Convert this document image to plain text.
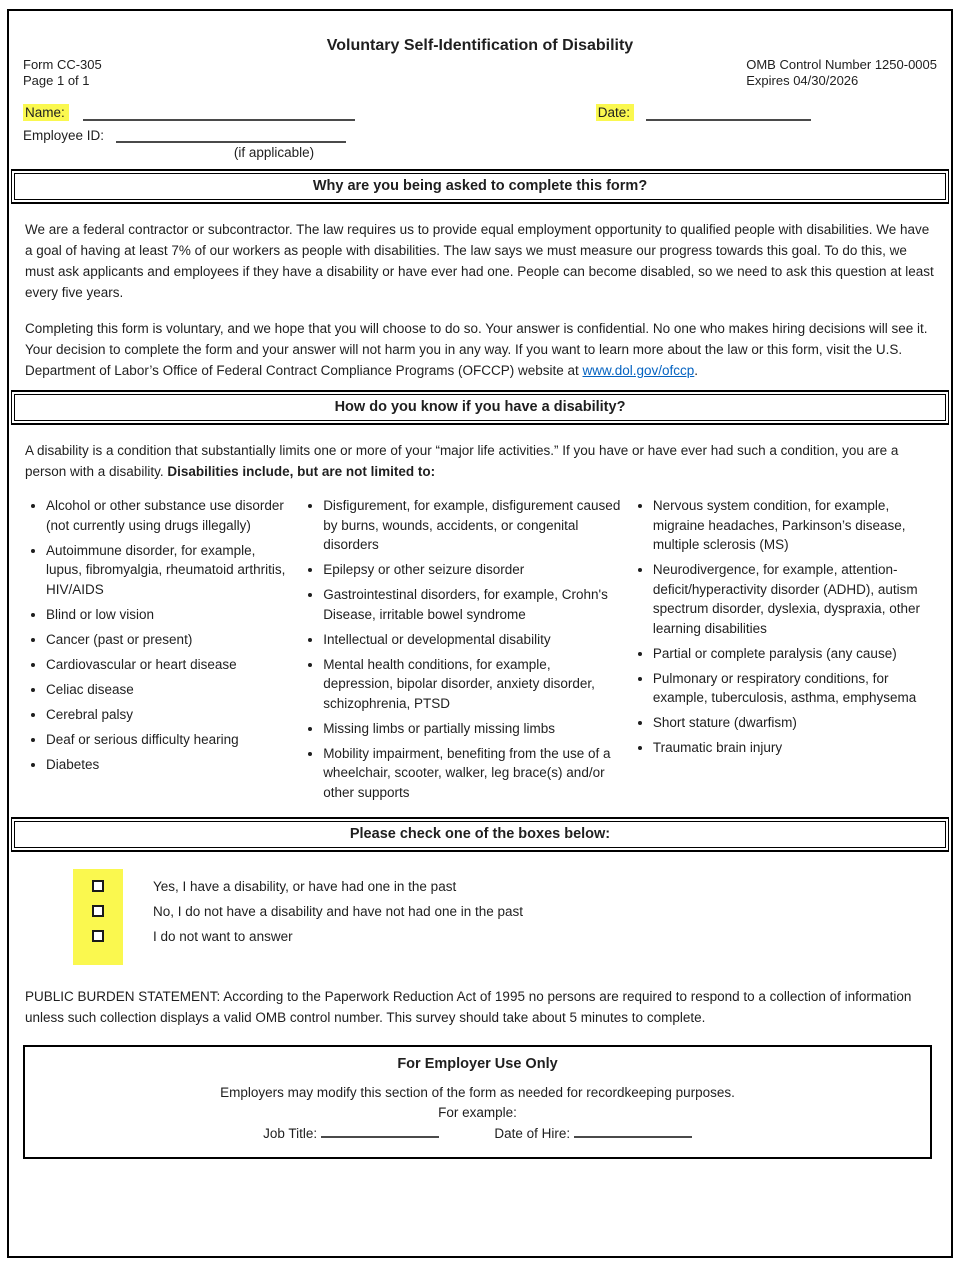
Voluntary Self-Identification of Disability
Form CC-305
Page 1 of 1
OMB Control Number 1250-0005
Expires 04/30/2026
Name:	Date:
Employee ID:
(if applicable)
Why are you being asked to complete this form?
We are a federal contractor or subcontractor. The law requires us to provide equal employment opportunity to qualified people with disabilities. We have a goal of having at least 7% of our workers as people with disabilities. The law says we must measure our progress towards this goal. To do this, we must ask applicants and employees if they have a disability or have ever had one. People can become disabled, so we need to ask this question at least every five years.
Completing this form is voluntary, and we hope that you will choose to do so. Your answer is confidential. No one who makes hiring decisions will see it. Your decision to complete the form and your answer will not harm you in any way. If you want to learn more about the law or this form, visit the U.S. Department of Labor’s Office of Federal Contract Compliance Programs (OFCCP) website at www.dol.gov/ofccp.
How do you know if you have a disability?
A disability is a condition that substantially limits one or more of your “major life activities.” If you have or have ever had such a condition, you are a person with a disability. Disabilities include, but are not limited to:
• Alcohol or other substance use disorder (not currently using drugs illegally)
• Autoimmune disorder, for example, lupus, fibromyalgia, rheumatoid arthritis, HIV/AIDS
• Blind or low vision
• Cancer (past or present)
• Cardiovascular or heart disease
• Celiac disease
• Cerebral palsy
• Deaf or serious difficulty hearing
• Diabetes
• Disfigurement, for example, disfigurement caused by burns, wounds, accidents, or congenital disorders
• Epilepsy or other seizure disorder
• Gastrointestinal disorders, for example, Crohn's Disease, irritable bowel syndrome
• Intellectual or developmental disability
• Mental health conditions, for example, depression, bipolar disorder, anxiety disorder, schizophrenia, PTSD
• Missing limbs or partially missing limbs
• Mobility impairment, benefiting from the use of a wheelchair, scooter, walker, leg brace(s) and/or other supports
• Nervous system condition, for example, migraine headaches, Parkinson’s disease, multiple sclerosis (MS)
• Neurodivergence, for example, attention-deficit/hyperactivity disorder (ADHD), autism spectrum disorder, dyslexia, dyspraxia, other learning disabilities
• Partial or complete paralysis (any cause)
• Pulmonary or respiratory conditions, for example, tuberculosis, asthma, emphysema
• Short stature (dwarfism)
• Traumatic brain injury
Please check one of the boxes below:
Yes, I have a disability, or have had one in the past
No, I do not have a disability and have not had one in the past
I do not want to answer
PUBLIC BURDEN STATEMENT: According to the Paperwork Reduction Act of 1995 no persons are required to respond to a collection of information unless such collection displays a valid OMB control number. This survey should take about 5 minutes to complete.
For Employer Use Only
Employers may modify this section of the form as needed for recordkeeping purposes.
For example:
Job Title:	Date of Hire:
